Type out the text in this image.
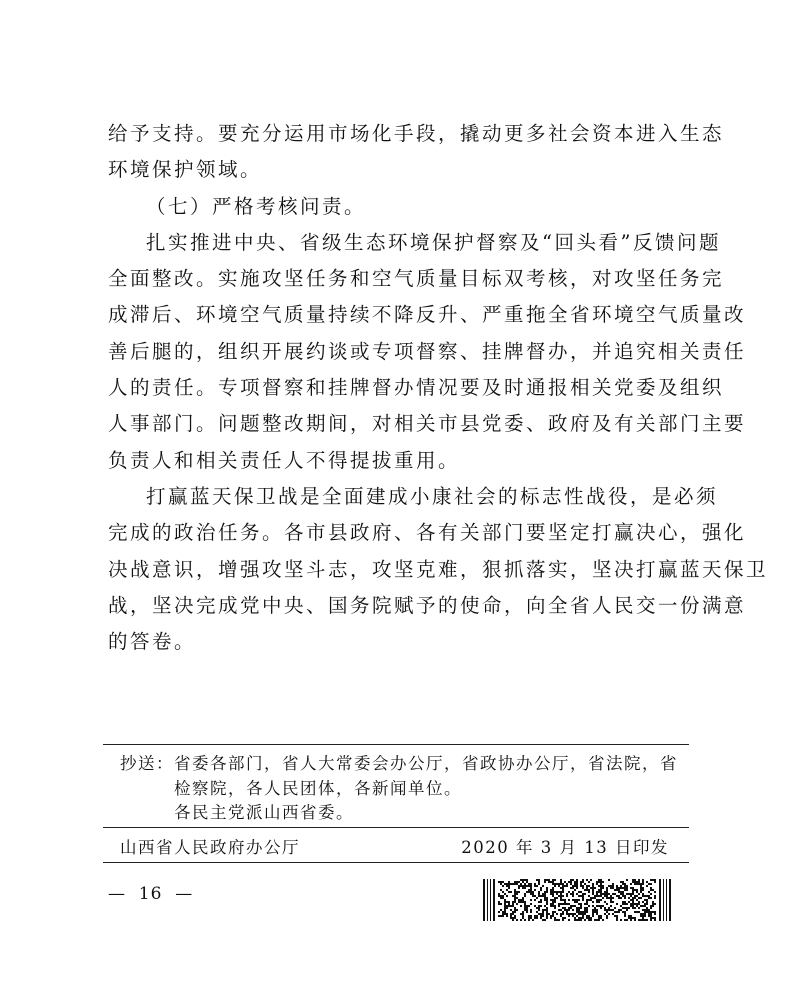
给予支持。要充分运用市场化手段，撬动更多社会资本进入生态
环境保护领域。
（七）严格考核问责。
扎实推进中央、省级生态环境保护督察及“回头看”反馈问题
全面整改。实施攻坚任务和空气质量目标双考核，对攻坚任务完
成滞后、环境空气质量持续不降反升、严重拖全省环境空气质量改
善后腿的，组织开展约谈或专项督察、挂牌督办，并追究相关责任
人的责任。专项督察和挂牌督办情况要及时通报相关党委及组织
人事部门。问题整改期间，对相关市县党委、政府及有关部门主要
负责人和相关责任人不得提拔重用。
打赢蓝天保卫战是全面建成小康社会的标志性战役，是必须
完成的政治任务。各市县政府、各有关部门要坚定打赢决心，强化
决战意识，增强攻坚斗志，攻坚克难，狠抓落实，坚决打赢蓝天保卫
战，坚决完成党中央、国务院赋予的使命，向全省人民交一份满意
的答卷。
抄送：省委各部门，省人大常委会办公厅，省政协办公厅，省法院，省
检察院，各人民团体，各新闻单位。
各民主党派山西省委。
山西省人民政府办公厅	2020 年 3 月 13 日印发
—  16  —
